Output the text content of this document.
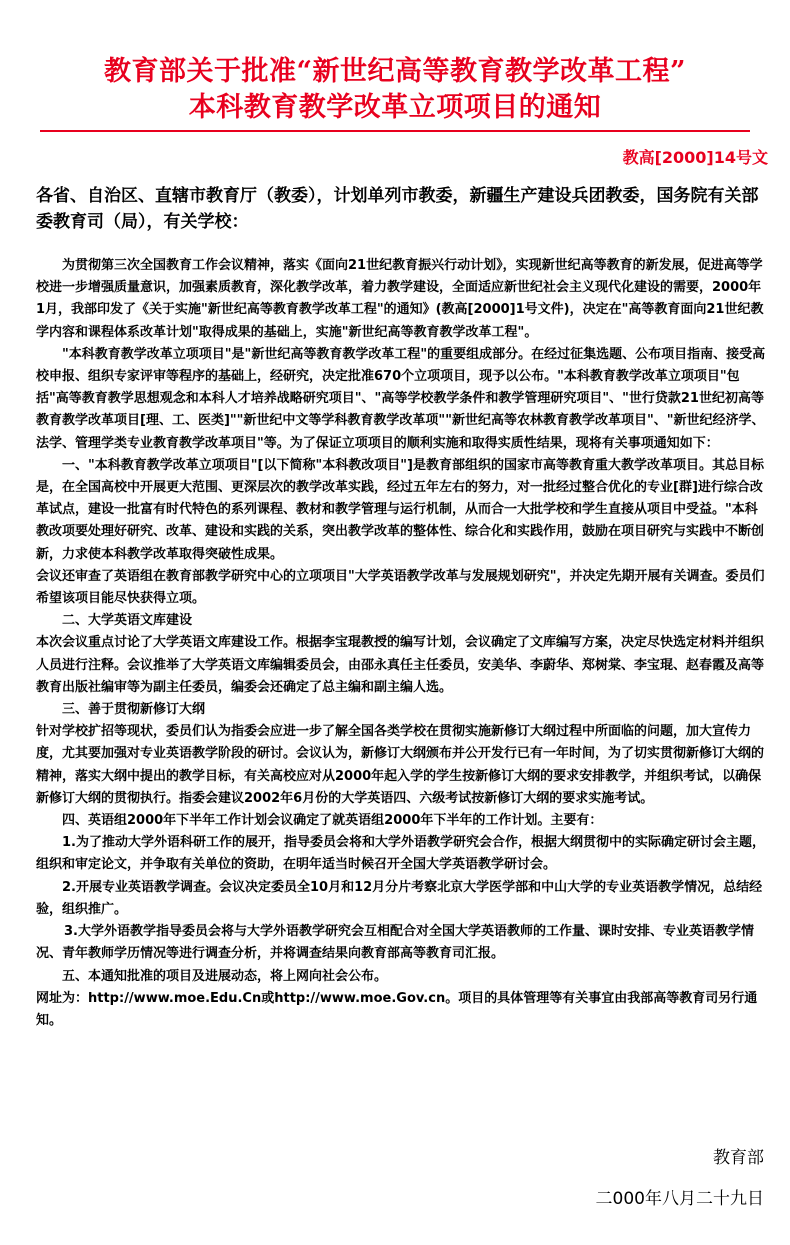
教育部关于批准“新世纪高等教育教学改革工程”
本科教育教学改革立项项目的通知
教高[2000]14号文
各省、自治区、直辖市教育厅（教委），计划单列市教委，新疆生产建设兵团教委，国务院有关部委教育司（局），有关学校：

为贯彻第三次全国教育工作会议精神，落实《面向21世纪教育振兴行动计划》，实现新世纪高等教育的新发展，促进高等学校进一步增强质量意识，加强素质教育，深化教学改革，着力教学建设，全面适应新世纪社会主义现代化建设的需要，2000年1月，我部印发了《关于实施"新世纪高等教育教学改革工程"的通知》(教高[2000]1号文件)，决定在"高等教育面向21世纪教学内容和课程体系改革计划"取得成果的基础上，实施"新世纪高等教育教学改革工程"。

"本科教育教学改革立项项目"是"新世纪高等教育教学改革工程"的重要组成部分。在经过征集选题、公布项目指南、接受高校申报、组织专家评审等程序的基础上，经研究，决定批准670个立项项目，现予以公布。"本科教育教学改革立项项目"包括"高等教育教学思想观念和本科人才培养战略研究项目"、"高等学校教学条件和教学管理研究项目"、"世行贷款21世纪初高等教育教学改革项目[理、工、医类]""新世纪中文等学科教育教学改革项""新世纪高等农林教育教学改革项目"、"新世纪经济学、法学、管理学类专业教育教学改革项目"等。为了保证立项项目的顺利实施和取得实质性结果，现将有关事项通知如下：

一、"本科教育教学改革立项项目"[以下简称"本科教改项目"]是教育部组织的国家市高等教育重大教学改革项目。其总目标是，在全国高校中开展更大范围、更深层次的教学改革实践，经过五年左右的努力，对一批经过整合优化的专业[群]进行综合改革试点，建设一批富有时代特色的系列课程、教材和教学管理与运行机制，从而合一大批学校和学生直接从项目中受益。"本科教改项要处理好研究、改革、建设和实践的关系，突出教学改革的整体性、综合化和实践作用，鼓励在项目研究与实践中不断创新，力求使本科教学改革取得突破性成果。

会议还审查了英语组在教育部教学研究中心的立项项目"大学英语教学改革与发展规划研究"，并决定先期开展有关调查。委员们希望该项目能尽快获得立项。

二、大学英语文库建设

本次会议重点讨论了大学英语文库建设工作。根据李宝琨教授的编写计划，会议确定了文库编写方案，决定尽快选定材料并组织人员进行注释。会议推举了大学英语文库编辑委员会，由邵永真任主任委员，安美华、李蔚华、郑树棠、李宝琨、赵春霞及高等教育出版社编审等为副主任委员，编委会还确定了总主编和副主编人选。

三、善于贯彻新修订大纲

针对学校扩招等现状，委员们认为指委会应进一步了解全国各类学校在贯彻实施新修订大纲过程中所面临的问题，加大宣传力度，尤其要加强对专业英语教学阶段的研讨。会议认为，新修订大纲颁布并公开发行已有一年时间，为了切实贯彻新修订大纲的精神，落实大纲中提出的教学目标，有关高校应对从2000年起入学的学生按新修订大纲的要求安排教学，并组织考试，以确保新修订大纲的贯彻执行。指委会建议2002年6月份的大学英语四、六级考试按新修订大纲的要求实施考试。

四、英语组2000年下半年工作计划会议确定了就英语组2000年下半年的工作计划。主要有：

1.为了推动大学外语科研工作的展开，指导委员会将和大学外语教学研究会合作，根据大纲贯彻中的实际确定研讨会主题，组织和审定论文，并争取有关单位的资助，在明年适当时候召开全国大学英语教学研讨会。

2.开展专业英语教学调查。会议决定委员全10月和12月分片考察北京大学医学部和中山大学的专业英语教学情况，总结经验，组织推广。

3.大学外语教学指导委员会将与大学外语教学研究会互相配合对全国大学英语教师的工作量、课时安排、专业英语教学情况、青年教师学历情况等进行调查分析，并将调查结果向教育部高等教育司汇报。

五、本通知批准的项目及进展动态，将上网向社会公布。

网址为：http://www.moe.Edu.Cn或http://www.moe.Gov.cn。项目的具体管理等有关事宜由我部高等教育司另行通知。

教育部
二000年八月二十九日
